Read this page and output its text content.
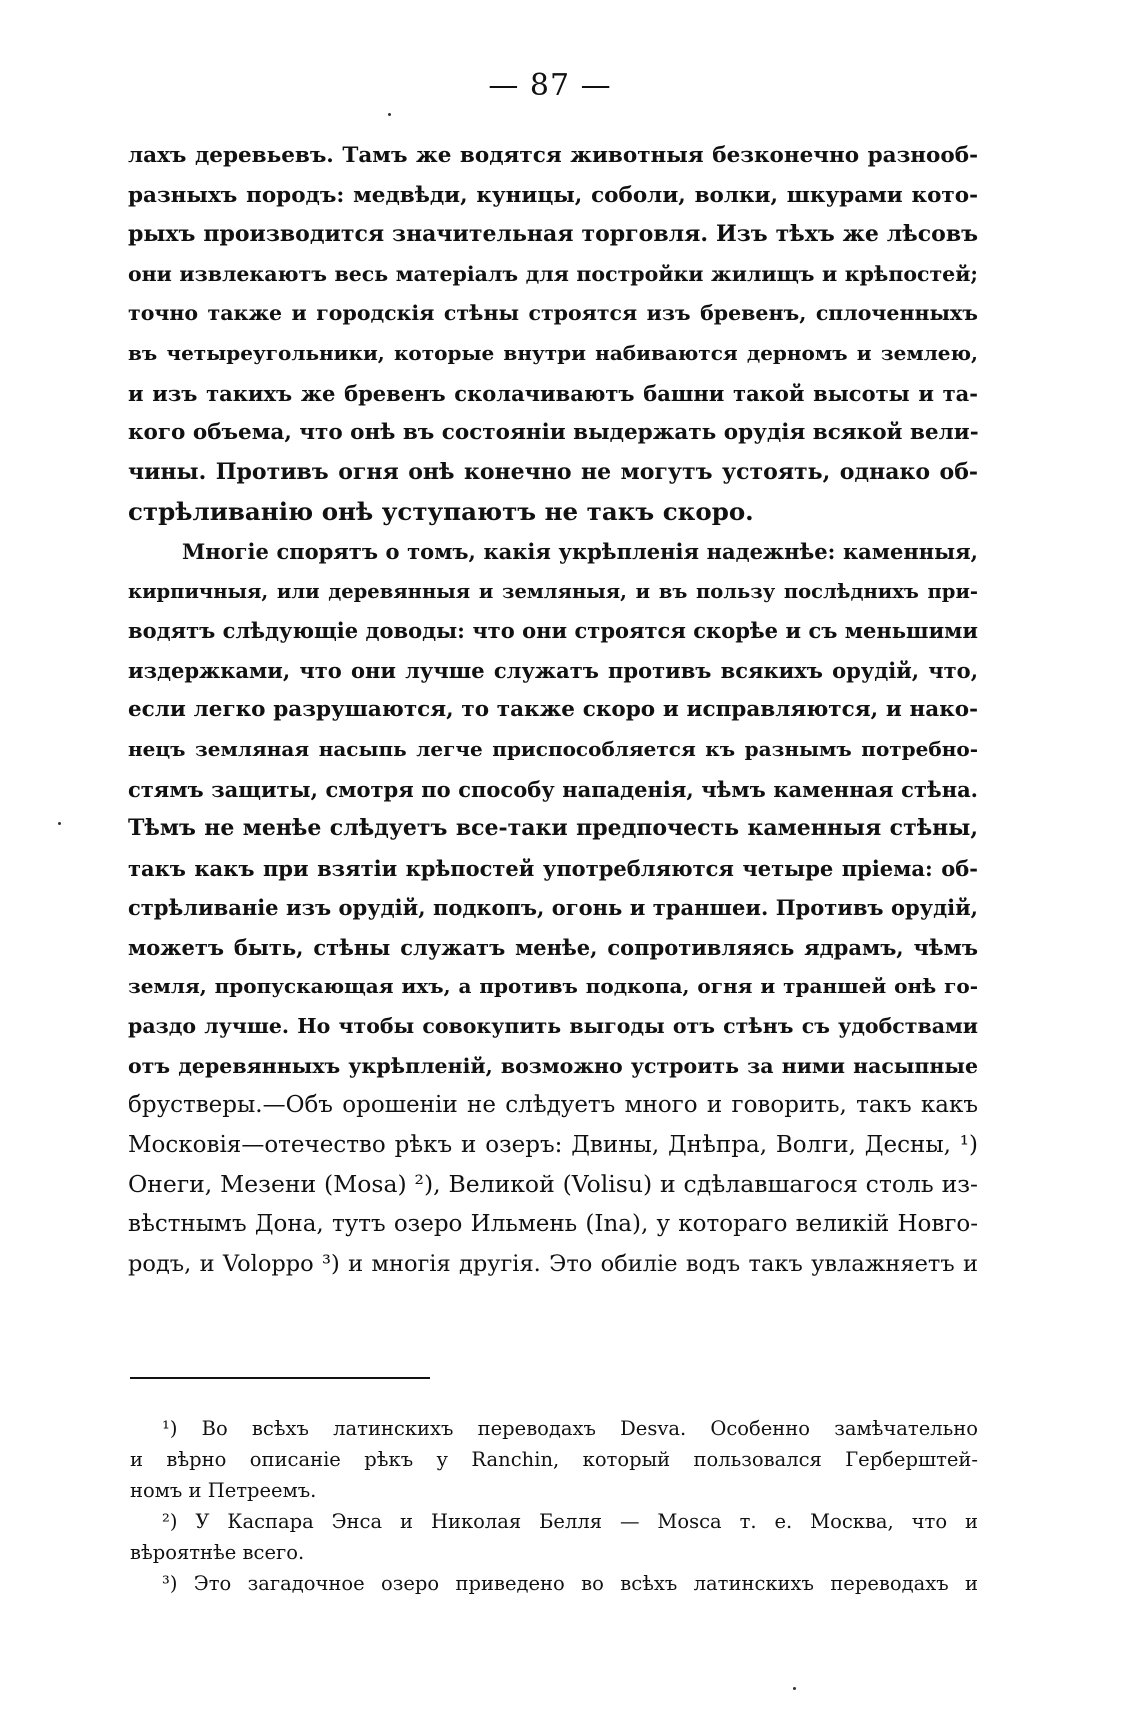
— 87 —
лахъ деревьевъ. Тамъ же водятся животныя безконечно разнооб-
разныхъ породъ: медвѣди, куницы, соболи, волки, шкурами кото-
рыхъ производится значительная торговля. Изъ тѣхъ же лѣсовъ
они извлекаютъ весь матеріалъ для постройки жилищъ и крѣпостей;
точно также и городскія стѣны строятся изъ бревенъ, сплоченныхъ
въ четыреугольники, которые внутри набиваются дерномъ и землею,
и изъ такихъ же бревенъ сколачиваютъ башни такой высоты и та-
кого объема, что онѣ въ состояніи выдержать орудія всякой вели-
чины. Противъ огня онѣ конечно не могутъ устоять, однако об-
стрѣливанію онѣ уступаютъ не такъ скоро.
Многіе спорятъ о томъ, какія укрѣпленія надежнѣе: каменныя,
кирпичныя, или деревянныя и земляныя, и въ пользу послѣднихъ при-
водятъ слѣдующіе доводы: что они строятся скорѣе и съ меньшими
издержками, что они лучше служатъ противъ всякихъ орудій, что,
если легко разрушаются, то также скоро и исправляются, и нако-
нецъ земляная насыпь легче приспособляется къ разнымъ потребно-
стямъ защиты, смотря по способу нападенія, чѣмъ каменная стѣна.
Тѣмъ не менѣе слѣдуетъ все-таки предпочесть каменныя стѣны,
такъ какъ при взятіи крѣпостей употребляются четыре пріема: об-
стрѣливаніе изъ орудій, подкопъ, огонь и траншеи. Противъ орудій,
можетъ быть, стѣны служатъ менѣе, сопротивляясь ядрамъ, чѣмъ
земля, пропускающая ихъ, а противъ подкопа, огня и траншей онѣ го-
раздо лучше. Но чтобы совокупить выгоды отъ стѣнъ съ удобствами
отъ деревянныхъ укрѣпленій, возможно устроить за ними насыпные
брустверы.—Объ орошеніи не слѣдуетъ много и говорить, такъ какъ
Московія—отечество рѣкъ и озеръ: Двины, Днѣпра, Волги, Десны, ¹)
Онеги, Мезени (Mosa) ²), Великой (Volisu) и сдѣлавшагося столь из-
вѣстнымъ Дона, тутъ озеро Ильмень (Ina), у котораго великій Новго-
родъ, и Voloppo ³) и многія другія. Это обиліе водъ такъ увлажняетъ и
¹) Во всѣхъ латинскихъ переводахъ Desva. Особенно замѣчательно
и вѣрно описаніе рѣкъ у Ranchin, который пользовался Герберштей-
номъ и Петреемъ.
²) У Каспара Энса и Николая Белля — Mosca т. е. Москва, что и
вѣроятнѣе всего.
³) Это загадочное озеро приведено во всѣхъ латинскихъ переводахъ и
